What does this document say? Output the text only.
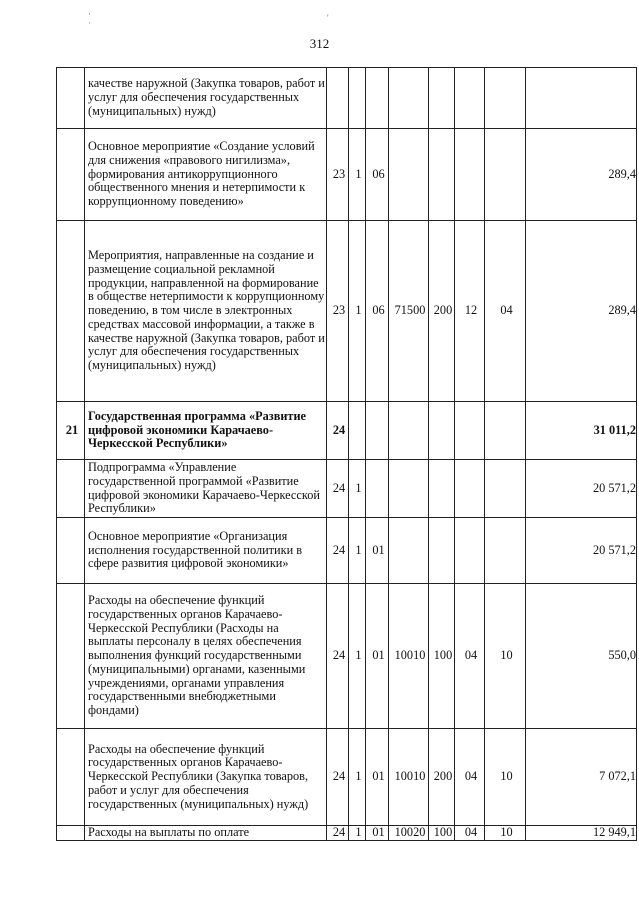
312
·
·	'
	качестве наружной (Закупка товаров, работ и услуг для обеспечения государственных (муниципальных) нужд)								
	Основное мероприятие «Создание условий для снижения «правового нигилизма», формирования антикоррупционного общественного мнения и нетерпимости к коррупционному поведению»	23	1	06					289,4
	Мероприятия, направленные на создание и размещение социальной рекламной продукции, направленной на формирование в обществе нетерпимости к коррупционному поведению, в том числе в электронных средствах массовой информации, а также в качестве наружной (Закупка товаров, работ и услуг для обеспечения государственных (муниципальных) нужд)	23	1	06	71500	200	12	04	289,4
21	Государственная программа «Развитие цифровой экономики Карачаево-Черкесской Республики»	24							31 011,2
	Подпрограмма «Управление государственной программой «Развитие цифровой экономики Карачаево-Черкесской Республики»	24	1						20 571,2
	Основное мероприятие «Организация исполнения государственной политики в сфере развития цифровой экономики»	24	1	01					20 571,2
	Расходы на обеспечение функций государственных органов Карачаево-Черкесской Республики (Расходы на выплаты персоналу в целях обеспечения выполнения функций государственными (муниципальными) органами, казенными учреждениями, органами управления государственными внебюджетными фондами)	24	1	01	10010	100	04	10	550,0
	Расходы на обеспечение функций государственных органов Карачаево-Черкесской Республики (Закупка товаров, работ и услуг для обеспечения государственных (муниципальных) нужд)	24	1	01	10010	200	04	10	7 072,1
	Расходы на выплаты по оплате	24	1	01	10020	100	04	10	12 949,1
